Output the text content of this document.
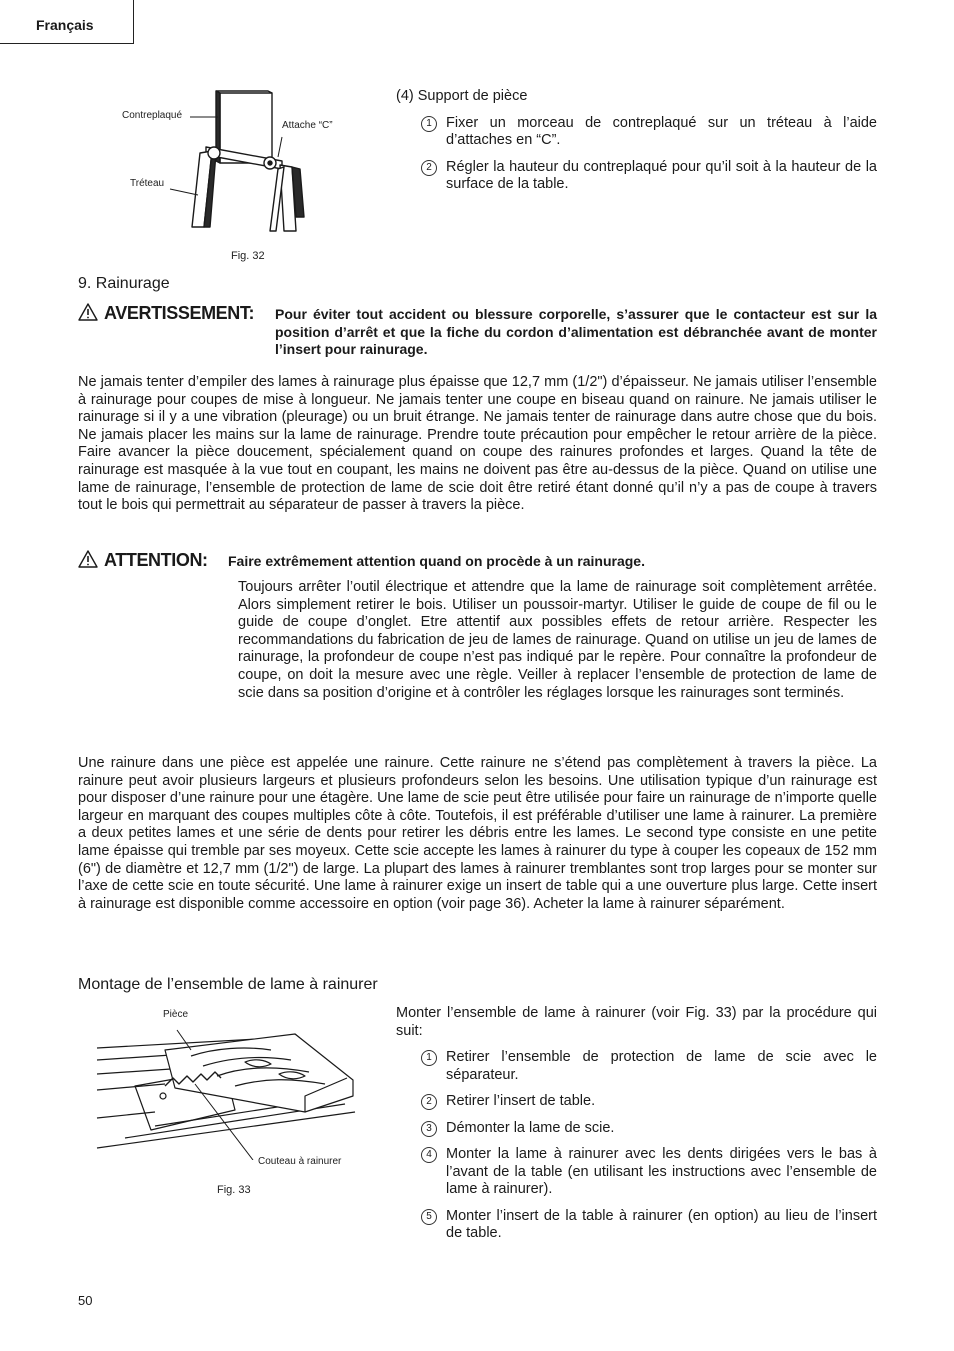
Français
Contreplaqué
Attache “C”
Tréteau
Fig. 32
(4) Support de pièce
1 Fixer un morceau de contreplaqué sur un tréteau à l’aide d’attaches en “C”.
2 Régler la hauteur du contreplaqué pour qu’il soit à la hauteur de la surface de la table.
9. Rainurage
AVERTISSEMENT: Pour éviter tout accident ou blessure corporelle, s’assurer que le contacteur est sur la position d’arrêt et que la fiche du cordon d’alimentation est débranchée avant de monter l’insert pour rainurage.

Ne jamais tenter d’empiler des lames à rainurage plus épaisse que 12,7 mm (1/2") d’épaisseur. Ne jamais utiliser l’ensemble à rainurage pour coupes de mise à longueur. Ne jamais tenter une coupe en biseau quand on rainure. Ne jamais utiliser le rainurage si il y a une vibration (pleurage) ou un bruit étrange. Ne jamais tenter de rainurage dans autre chose que du bois. Ne jamais placer les mains sur la lame de rainurage. Prendre toute précaution pour empêcher le retour arrière de la pièce. Faire avancer la pièce doucement, spécialement quand on coupe des rainures profondes et larges. Quand la tête de rainurage est masquée à la vue tout en coupant, les mains ne doivent pas être au-dessus de la pièce. Quand on utilise une lame de rainurage, l’ensemble de protection de lame de scie doit être retiré étant donné qu’il n’y a pas de coupe à travers tout le bois qui permettrait au séparateur de passer à travers la pièce.

ATTENTION: Faire extrêmement attention quand on procède à un rainurage.

Toujours arrêter l’outil électrique et attendre que la lame de rainurage soit complètement arrêtée. Alors simplement retirer le bois. Utiliser un poussoir-martyr. Utiliser le guide de coupe de fil ou le guide de coupe d’onglet. Etre attentif aux possibles effets de retour arrière. Respecter les recommandations du fabrication de jeu de lames de rainurage. Quand on utilise un jeu de lames de rainurage, la profondeur de coupe n’est pas indiqué par le repère. Pour connaître la profondeur de coupe, on doit la mesure avec une règle. Veiller à replacer l’ensemble de protection de lame de scie dans sa position d’origine et à contrôler les réglages lorsque les rainurages sont terminés.

Une rainure dans une pièce est appelée une rainure. Cette rainure ne s’étend pas complètement à travers la pièce. La rainure peut avoir plusieurs largeurs et plusieurs profondeurs selon les besoins. Une utilisation typique d’un rainurage est pour disposer d’une rainure pour une étagère. Une lame de scie peut être utilisée pour faire un rainurage de n’importe quelle largeur en marquant des coupes multiples côte à côte. Toutefois, il est préférable d’utiliser une lame à rainurer. La première a deux petites lames et une série de dents pour retirer les débris entre les lames. Le second type consiste en une petite lame épaisse qui tremble par ses moyeux. Cette scie accepte les lames à rainurer du type à couper les copeaux de 152 mm (6") de diamètre et 12,7 mm (1/2") de large. La plupart des lames à rainurer tremblantes sont trop larges pour se monter sur l’axe de cette scie en toute sécurité. Une lame à rainurer exige un insert de table qui a une ouverture plus large. Cette insert à rainurage est disponible comme accessoire en option (voir page 36). Acheter la lame à rainurer séparément.

Montage de l’ensemble de lame à rainurer
Pièce
Couteau à rainurer
Fig. 33
Monter l’ensemble de lame à rainurer (voir Fig. 33) par la procédure qui suit:
1 Retirer l’ensemble de protection de lame de scie avec le séparateur.
2 Retirer l’insert de table.
3 Démonter la lame de scie.
4 Monter la lame à rainurer avec les dents dirigées vers le bas à l’avant de la table (en utilisant les instructions avec l’ensemble de lame à rainurer).
5 Monter l’insert de la table à rainurer (en option) au lieu de l’insert de table.
50
